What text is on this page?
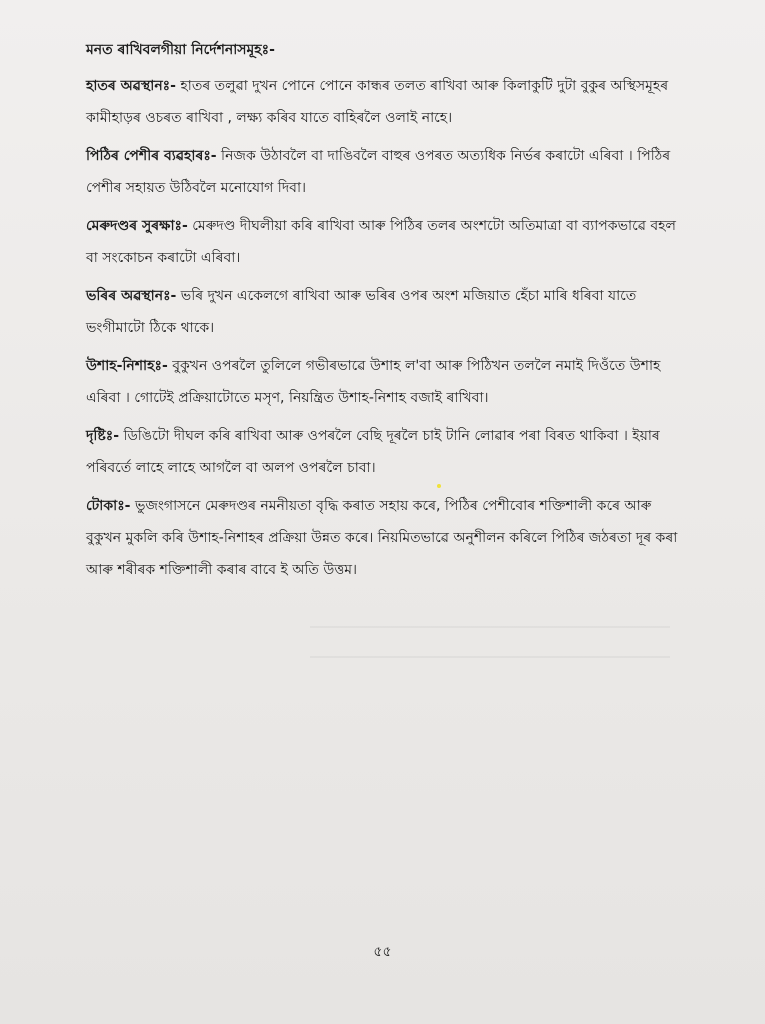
মনত ৰাখিবলগীয়া নিৰ্দেশনাসমূহঃ-

হাতৰ অৱস্থানঃ- হাতৰ তলুৱা দুখন পোনে পোনে কান্ধৰ তলত ৰাখিবা আৰু কিলাকুটি দুটা বুকুৰ অস্থিসমূহৰ কামীহাড়ৰ ওচৰত ৰাখিবা , লক্ষ্য কৰিব যাতে বাহিৰলৈ ওলাই নাহে।

পিঠিৰ পেশীৰ ব্যৱহাৰঃ- নিজক উঠাবলৈ বা দাঙিবলৈ বাহুৰ ওপৰত অত্যধিক নিৰ্ভৰ কৰাটো এৰিবা । পিঠিৰ পেশীৰ সহায়ত উঠিবলৈ মনোযোগ দিবা।

মেৰুদণ্ডৰ সুৰক্ষাঃ- মেৰুদণ্ড দীঘলীয়া কৰি ৰাখিবা আৰু পিঠিৰ তলৰ অংশটো অতিমাত্ৰা বা ব্যাপকভাৱে বহল বা সংকোচন কৰাটো এৰিবা।

ভৰিৰ অৱস্থানঃ- ভৰি দুখন একেলগে ৰাখিবা আৰু ভৰিৰ ওপৰ অংশ মজিয়াত হেঁচা মাৰি ধৰিবা যাতে ভংগীমাটো ঠিকে থাকে।

উশাহ-নিশাহঃ- বুকুখন ওপৰলৈ তুলিলে গভীৰভাৱে উশাহ ল'বা আৰু পিঠিখন তললৈ নমাই দিওঁতে উশাহ এৰিবা । গোটেই প্ৰক্ৰিয়াটোতে মসৃণ, নিয়ন্ত্ৰিত উশাহ-নিশাহ বজাই ৰাখিবা।

দৃষ্টিঃ- ডিঙিটো দীঘল কৰি ৰাখিবা আৰু ওপৰলৈ বেছি দূৰলৈ চাই টানি লোৱাৰ পৰা বিৰত থাকিবা । ইয়াৰ পৰিবৰ্তে লাহে লাহে আগলৈ বা অলপ ওপৰলৈ চাবা।

টোকাঃ- ভুজংগাসনে মেৰুদণ্ডৰ নমনীয়তা বৃদ্ধি কৰাত সহায় কৰে, পিঠিৰ পেশীবোৰ শক্তিশালী কৰে আৰু বুকুখন মুকলি কৰি উশাহ-নিশাহৰ প্ৰক্ৰিয়া উন্নত কৰে। নিয়মিতভাৱে অনুশীলন কৰিলে পিঠিৰ জঠৰতা দূৰ কৰা আৰু শৰীৰক শক্তিশালী কৰাৰ বাবে ই অতি উত্তম।

৫৫
